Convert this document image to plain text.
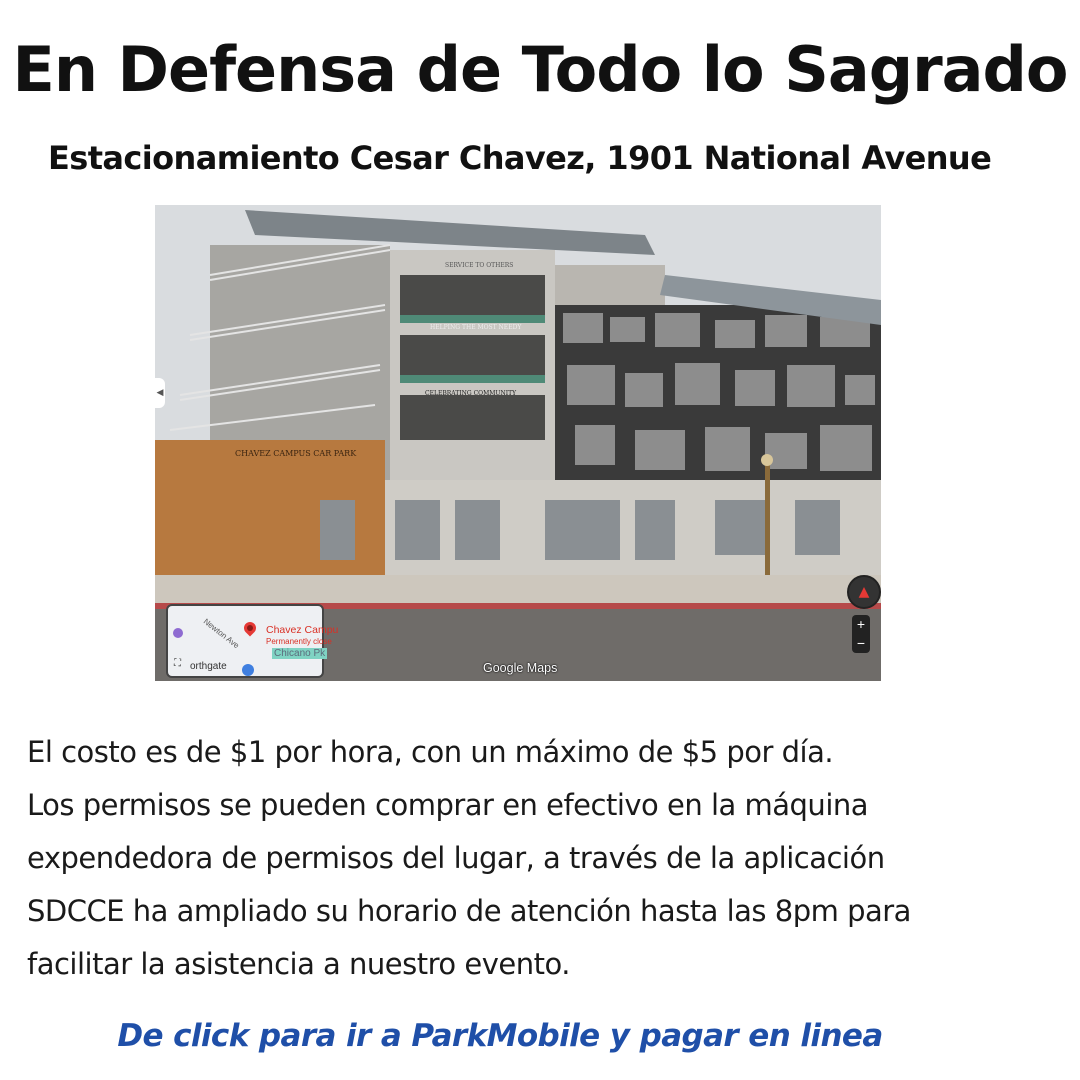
En Defensa de Todo lo Sagrado
Estacionamiento Cesar Chavez, 1901 National Avenue
SERVICE TO OTHERS
HELPING THE MOST NEEDY
CELEBRATING COMMUNITY
CHAVEZ CAMPUS CAR PARK
◀
Newton Ave Chavez Campu
Permanently close
Chicano Pk
⛶ orthgate
▲
+
−
Google Maps
El costo es de $1 por hora, con un máximo de $5 por día.
Los permisos se pueden comprar en efectivo en la máquina
expendedora de permisos del lugar, a través de la aplicación
SDCCE ha ampliado su horario de atención hasta las 8pm para
facilitar la asistencia a nuestro evento.
De click para ir a ParkMobile y pagar en linea
